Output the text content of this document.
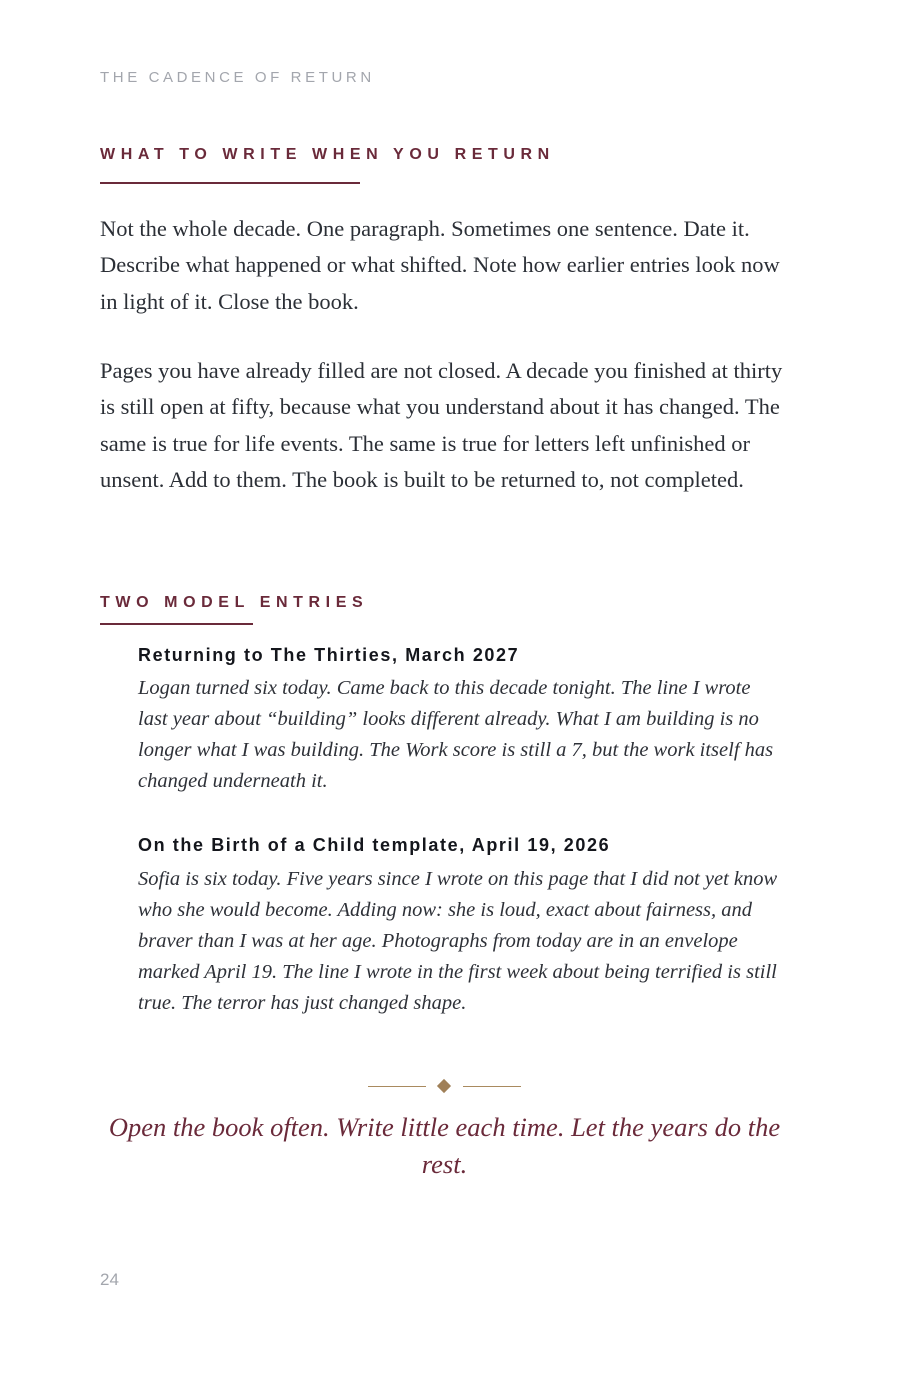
THE CADENCE OF RETURN

WHAT TO WRITE WHEN YOU RETURN

Not the whole decade. One paragraph. Sometimes one sentence. Date it. Describe what happened or what shifted. Note how earlier entries look now in light of it. Close the book.

Pages you have already filled are not closed. A decade you finished at thirty is still open at fifty, because what you understand about it has changed. The same is true for life events. The same is true for letters left unfinished or unsent. Add to them. The book is built to be returned to, not completed.

TWO MODEL ENTRIES
Returning to The Thirties, March 2027

Logan turned six today. Came back to this decade tonight. The line I wrote last year about “building” looks different already. What I am building is no longer what I was building. The Work score is still a 7, but the work itself has changed underneath it.

On the Birth of a Child template, April 19, 2026

Sofia is six today. Five years since I wrote on this page that I did not yet know who she would become. Adding now: she is loud, exact about fairness, and braver than I was at her age. Photographs from today are in an envelope marked April 19. The line I wrote in the first week about being terrified is still true. The terror has just changed shape.

Open the book often. Write little each time. Let the years do the rest.

24
